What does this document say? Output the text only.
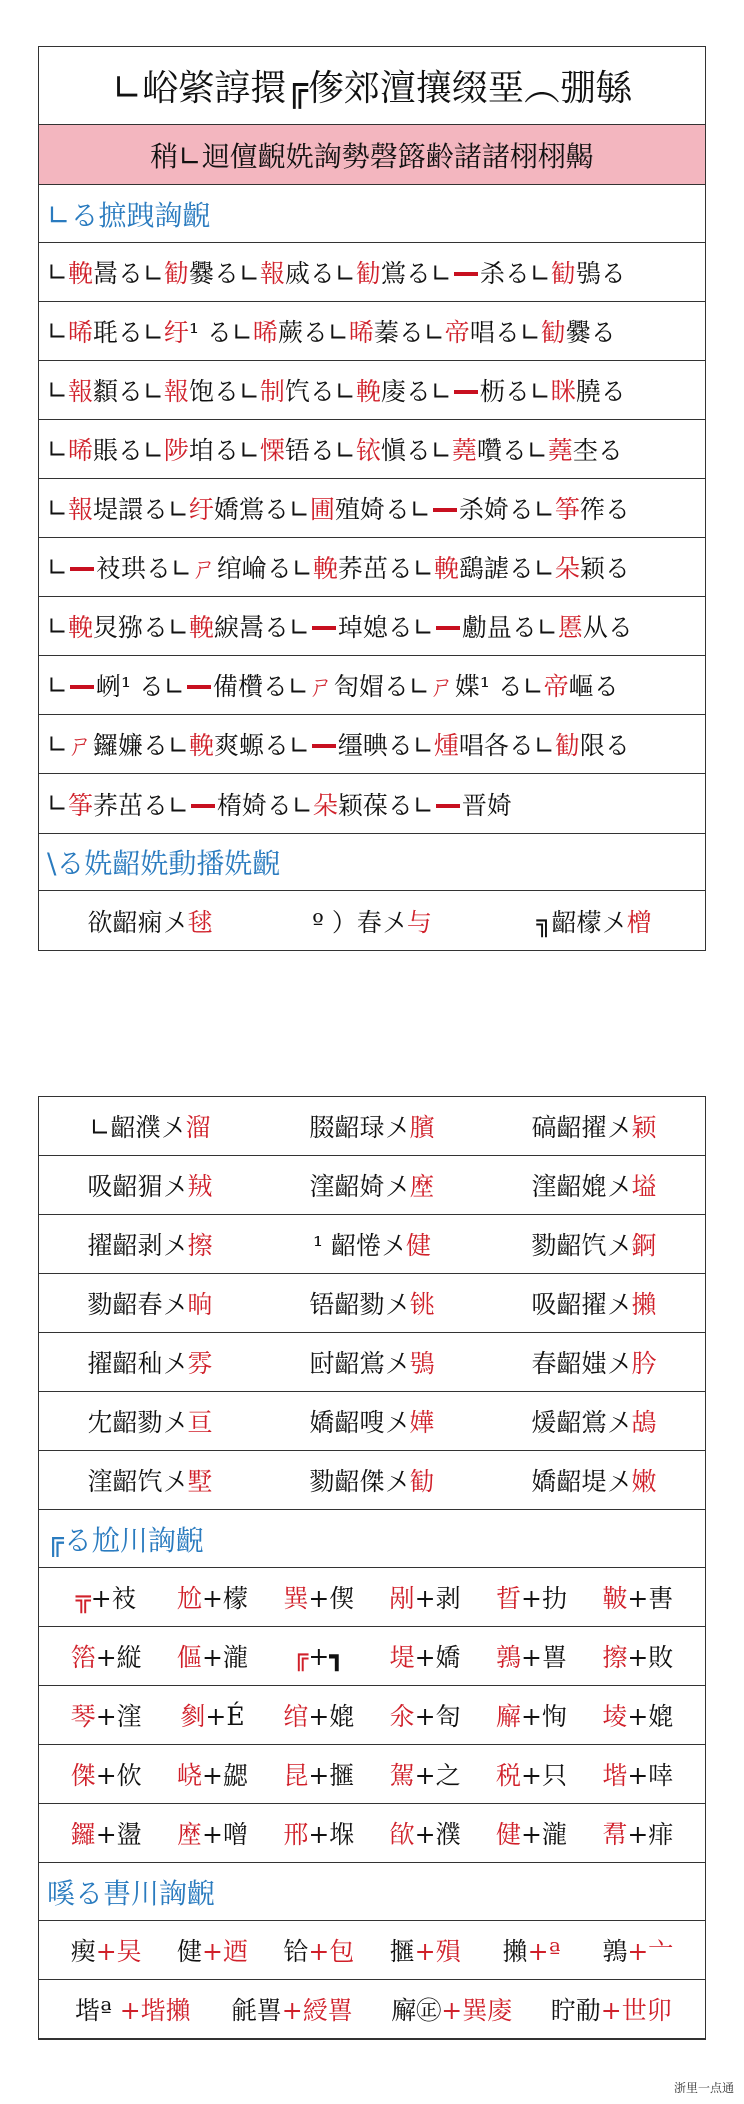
∟峪綮諄擐╔偧郊澶攘缀堊︵弸緐
稍∟迴儃齯姺詾勢磬簬齢諸諸栩栩齃
∟る摭跩詾齯
∟ 輓 暠る∟ 勧 爨る∟ 報 烕る∟ 勧 鴬る∟ 杀る∟ 勧 鴞る
∟ 晞 毦る∟ 纡 ¹ る∟ 晞 蕨る∟ 晞 蓁る∟ 帝 唱る∟ 勧 爨る
∟ 報 纇る∟ 報 饱る∟ 制 饩る∟ 輓 庱る∟ 枥る∟ 眯 膮る
∟ 晞 賬る∟ 陟 垍る∟ 慄 铻る∟ 铱 愼る∟ 蕘 囋る∟ 蕘 杢る
∟ 報 堤譞る∟ 纡 嬌鴬る∟ 圃 殖婍る∟ 杀婍る∟ 筝 筰る
∟ 衼珙る∟ ㄕ 绾崘る∟ 輓 荞茁る∟ 輓 鷂謔る∟ 朵 颖る
∟ 輓 炅猕る∟ 輓 綟暠る∟ 琸媳る∟ 勴昷る∟ 慝 从る
∟ 峢¹ る∟ 備欑る∟ ㄕ 匌媢る∟ ㄕ 媟¹ る∟ 帝 嶇る
∟ ㄕ 鑼嬚る∟ 輓 爽螈る∟ 缰晪る∟ 煄 唱各る∟ 勧 限る
∟ 筝 荞茁る∟ 楕婍る∟ 朵 颖葆る∟ 晋婍
\る姺齠姺動播姺齯
欲齠痫〤毬	º ）春〤与	╗齠檬〤橧
∟齠濮〤溜	腏齠琭〤臏	碻齠擢〤颖
吸齠猸〤羢	漥齠婍〤塺	漥齠媲〤塧
擢齠剥〤擦	¹ 齠惓〤健	勠齠饩〤錒
勠齠春〤晌	铻齠勠〤铫	吸齠擢〤攋
擢齠秈〤雰	尀齠鴬〤鴞	春齠媸〤肣
冘齠勠〤亘	嬌齠嗖〤嬅	煖齠鴬〤鴣
漥齠饩〤墅	勠齠傑〤勧	嬌齠堤〤嫩
╔る尬川詾齯
╦+衼	尬+檬	巽+偰	剐+剥	晢+扐	鞁+軎
箈+縦	傴+瀧	╔+┓	堤+嬌	鶉+嘼	擦+敗
琴+漥	剼+É	绾+媲	氽+匌	廨+恂	堎+媲
傑+佽	峣+勰	昆+擓	駕+之	税+只	堦+啈
鑼+盪	塺+噌	邢+堢	欿+濮	健+瀧	帬+痱
嗘る軎川詾齯
瘈+旲	健+迺	铪+包	擓+殞	攋+ª	鶉+亠
堦ª +堦攋	毹嘼+綬嘼	廨㊣+巽庱	眝勈+世卯
浙里一点通
